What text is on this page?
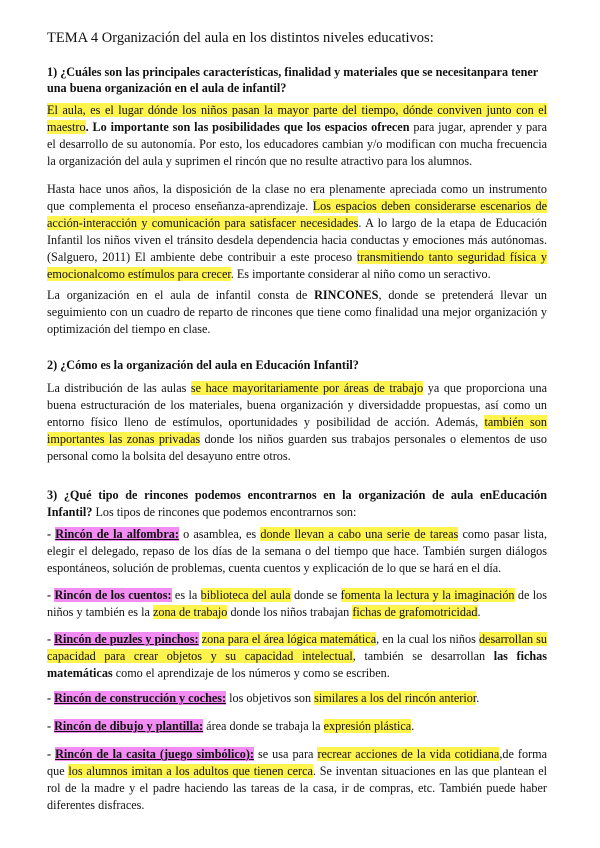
TEMA 4 Organización del aula en los distintos niveles educativos:
1) ¿Cuáles son las principales características, finalidad y materiales que se necesitanpara tener una buena organización en el aula de infantil?
El aula, es el lugar dónde los niños pasan la mayor parte del tiempo, dónde conviven junto con el maestro. Lo importante son las posibilidades que los espacios ofrecen para jugar, aprender y para el desarrollo de su autonomía. Por esto, los educadores cambian y/o modifican con mucha frecuencia la organización del aula y suprimen el rincón que no resulte atractivo para los alumnos.
Hasta hace unos años, la disposición de la clase no era plenamente apreciada como un instrumento que complementa el proceso enseñanza-aprendizaje. Los espacios deben considerarse escenarios de acción-interacción y comunicación para satisfacer necesidades. A lo largo de la etapa de Educación Infantil los niños viven el tránsito desdela dependencia hacia conductas y emociones más autónomas. (Salguero, 2011) El ambiente debe contribuir a este proceso transmitiendo tanto seguridad física y emocionalcomo estímulos para crecer. Es importante considerar al niño como un seractivo.
La organización en el aula de infantil consta de RINCONES, donde se pretenderá llevar un seguimiento con un cuadro de reparto de rincones que tiene como finalidad una mejor organización y optimización del tiempo en clase.
2) ¿Cómo es la organización del aula en Educación Infantil?
La distribución de las aulas se hace mayoritariamente por áreas de trabajo ya que proporciona una buena estructuración de los materiales, buena organización y diversidadde propuestas, así como un entorno físico lleno de estímulos, oportunidades y posibilidad de acción. Además, también son importantes las zonas privadas donde los niños guarden sus trabajos personales o elementos de uso personal como la bolsita del desayuno entre otros.
3) ¿Qué tipo de rincones podemos encontrarnos en la organización de aula enEducación Infantil? Los tipos de rincones que podemos encontrarnos son:
- Rincón de la alfombra: o asamblea, es donde llevan a cabo una serie de tareas como pasar lista, elegir el delegado, repaso de los días de la semana o del tiempo que hace. También surgen diálogos espontáneos, solución de problemas, cuenta cuentos y explicación de lo que se hará en el día.
- Rincón de los cuentos: es la biblioteca del aula donde se fomenta la lectura y la imaginación de los niños y también es la zona de trabajo donde los niños trabajan fichas de grafomotricidad.
- Rincón de puzles y pinchos: zona para el área lógica matemática, en la cual los niños desarrollan su capacidad para crear objetos y su capacidad intelectual, también se desarrollan las fichas matemáticas como el aprendizaje de los números y como se escriben.
- Rincón de construcción y coches: los objetivos son similares a los del rincón anterior.
- Rincón de dibujo y plantilla: área donde se trabaja la expresión plástica.
- Rincón de la casita (juego simbólico): se usa para recrear acciones de la vida cotidiana,de forma que los alumnos imitan a los adultos que tienen cerca. Se inventan situaciones en las que plantean el rol de la madre y el padre haciendo las tareas de la casa, ir de compras, etc. También puede haber diferentes disfraces.
